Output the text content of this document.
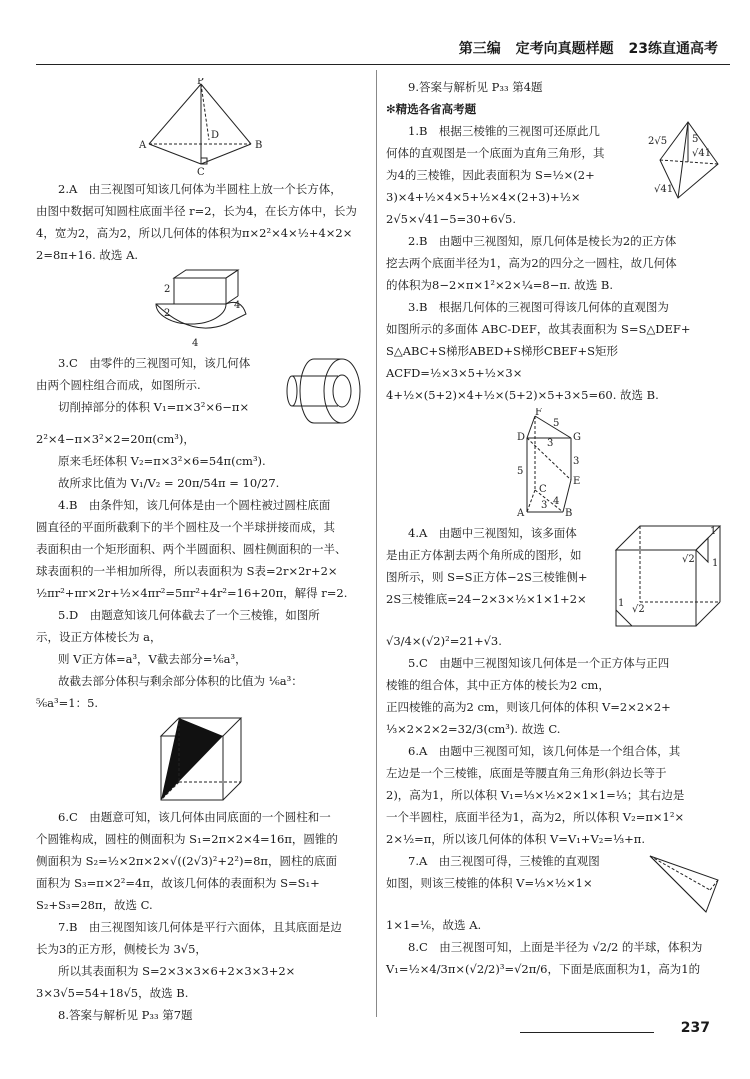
第三编 定考向真题样题 23练直通高考
P
A
D
B
C

2.A　由三视图可知该几何体为半圆柱上放一个长方体，

由图中数据可知圆柱底面半径 r=2，长为4，在长方体中，长为

4，宽为2，高为2，所以几何体的体积为π×2²×4×½+4×2×

2=8π+16. 故选 A.

2
2
4
4

3.C　由零件的三视图可知，该几何体

由两个圆柱组合而成，如图所示.

切削掉部分的体积 V₁=π×3²×6−π×

2²×4−π×3²×2=20π(cm³)，

原来毛坯体积 V₂=π×3²×6=54π(cm³).

故所求比值为 V₁/V₂ = 20π/54π = 10/27.

4.B　由条件知，该几何体是由一个圆柱被过圆柱底面

圆直径的平面所截剩下的半个圆柱及一个半球拼接而成，其

表面积由一个矩形面积、两个半圆面积、圆柱侧面积的一半、

球表面积的一半相加所得，所以表面积为 S表=2r×2r+2×

½πr²+πr×2r+½×4πr²=5πr²+4r²=16+20π，解得 r=2.

5.D　由题意知该几何体截去了一个三棱锥，如图所

示，设正方体棱长为 a，

则 V正方体=a³，V截去部分=⅙a³，

故截去部分体积与剩余部分体积的比值为 ⅙a³：

⅚a³=1：5.

6.C　由题意可知，该几何体由同底面的一个圆柱和一

个圆锥构成，圆柱的侧面积为 S₁=2π×2×4=16π，圆锥的

侧面积为 S₂=½×2π×2×√((2√3)²+2²)=8π，圆柱的底面

面积为 S₃=π×2²=4π，故该几何体的表面积为 S=S₁+

S₂+S₃=28π，故选 C.

7.B　由三视图知该几何体是平行六面体，且其底面是边

长为3的正方形，侧棱长为 3√5，

所以其表面积为 S=2×3×3×6+2×3×3+2×

3×3√5=54+18√5，故选 B.

8.答案与解析见 P₃₃ 第7题

9.答案与解析见 P₃₃ 第4题

✻精选各省高考题

2√5 5
√41
√41

1.B　根据三棱锥的三视图可还原此几

何体的直观图是一个底面为直角三角形，其

为4的三棱锥，因此表面积为 S=½×(2+

3)×4+½×4×5+½×4×(2+3)+½×

2√5×√41−5=30+6√5.

2.B　由题中三视图知，原几何体是棱长为2的正方体

挖去两个底面半径为1，高为2的四分之一圆柱，故几何体

的体积为8−2×π×1²×2×¼=8−π. 故选 B.

3.B　根据几何体的三视图可得该几何体的直观图为

如图所示的多面体 ABC-DEF，故其表面积为 S=S△DEF+

S△ABC+S梯形ABED+S梯形CBEF+S矩形ACFD=½×3×5+½×3×

4+½×(5+2)×4+½×(5+2)×5+3×5=60. 故选 B.

F
5
D
3
G
5
3
C
E
A	B
3 4
1
1
√2
√2
1

4.A　由题中三视图知，该多面体

是由正方体割去两个角所成的图形，如

图所示，则 S=S正方体−2S三棱锥侧+

2S三棱锥底=24−2×3×½×1×1+2×

√3/4×(√2)²=21+√3.

5.C　由题中三视图知该几何体是一个正方体与正四

棱锥的组合体，其中正方体的棱长为2 cm，

正四棱锥的高为2 cm，则该几何体的体积 V=2×2×2+

⅓×2×2×2=32/3(cm³). 故选 C.

6.A　由题中三视图可知，该几何体是一个组合体，其

左边是一个三棱锥，底面是等腰直角三角形(斜边长等于

2)，高为1，所以体积 V₁=⅓×½×2×1×1=⅓；其右边是

一个半圆柱，底面半径为1，高为2，所以体积 V₂=π×1²×

2×½=π，所以该几何体的体积 V=V₁+V₂=⅓+π.

7.A　由三视图可得，三棱锥的直观图

如图，则该三棱锥的体积 V=⅓×½×1×

1×1=⅙，故选 A.

8.C　由三视图可知，上面是半径为 √2/2 的半球，体积为

V₁=½×4/3π×(√2/2)³=√2π/6，下面是底面积为1，高为1的

237
